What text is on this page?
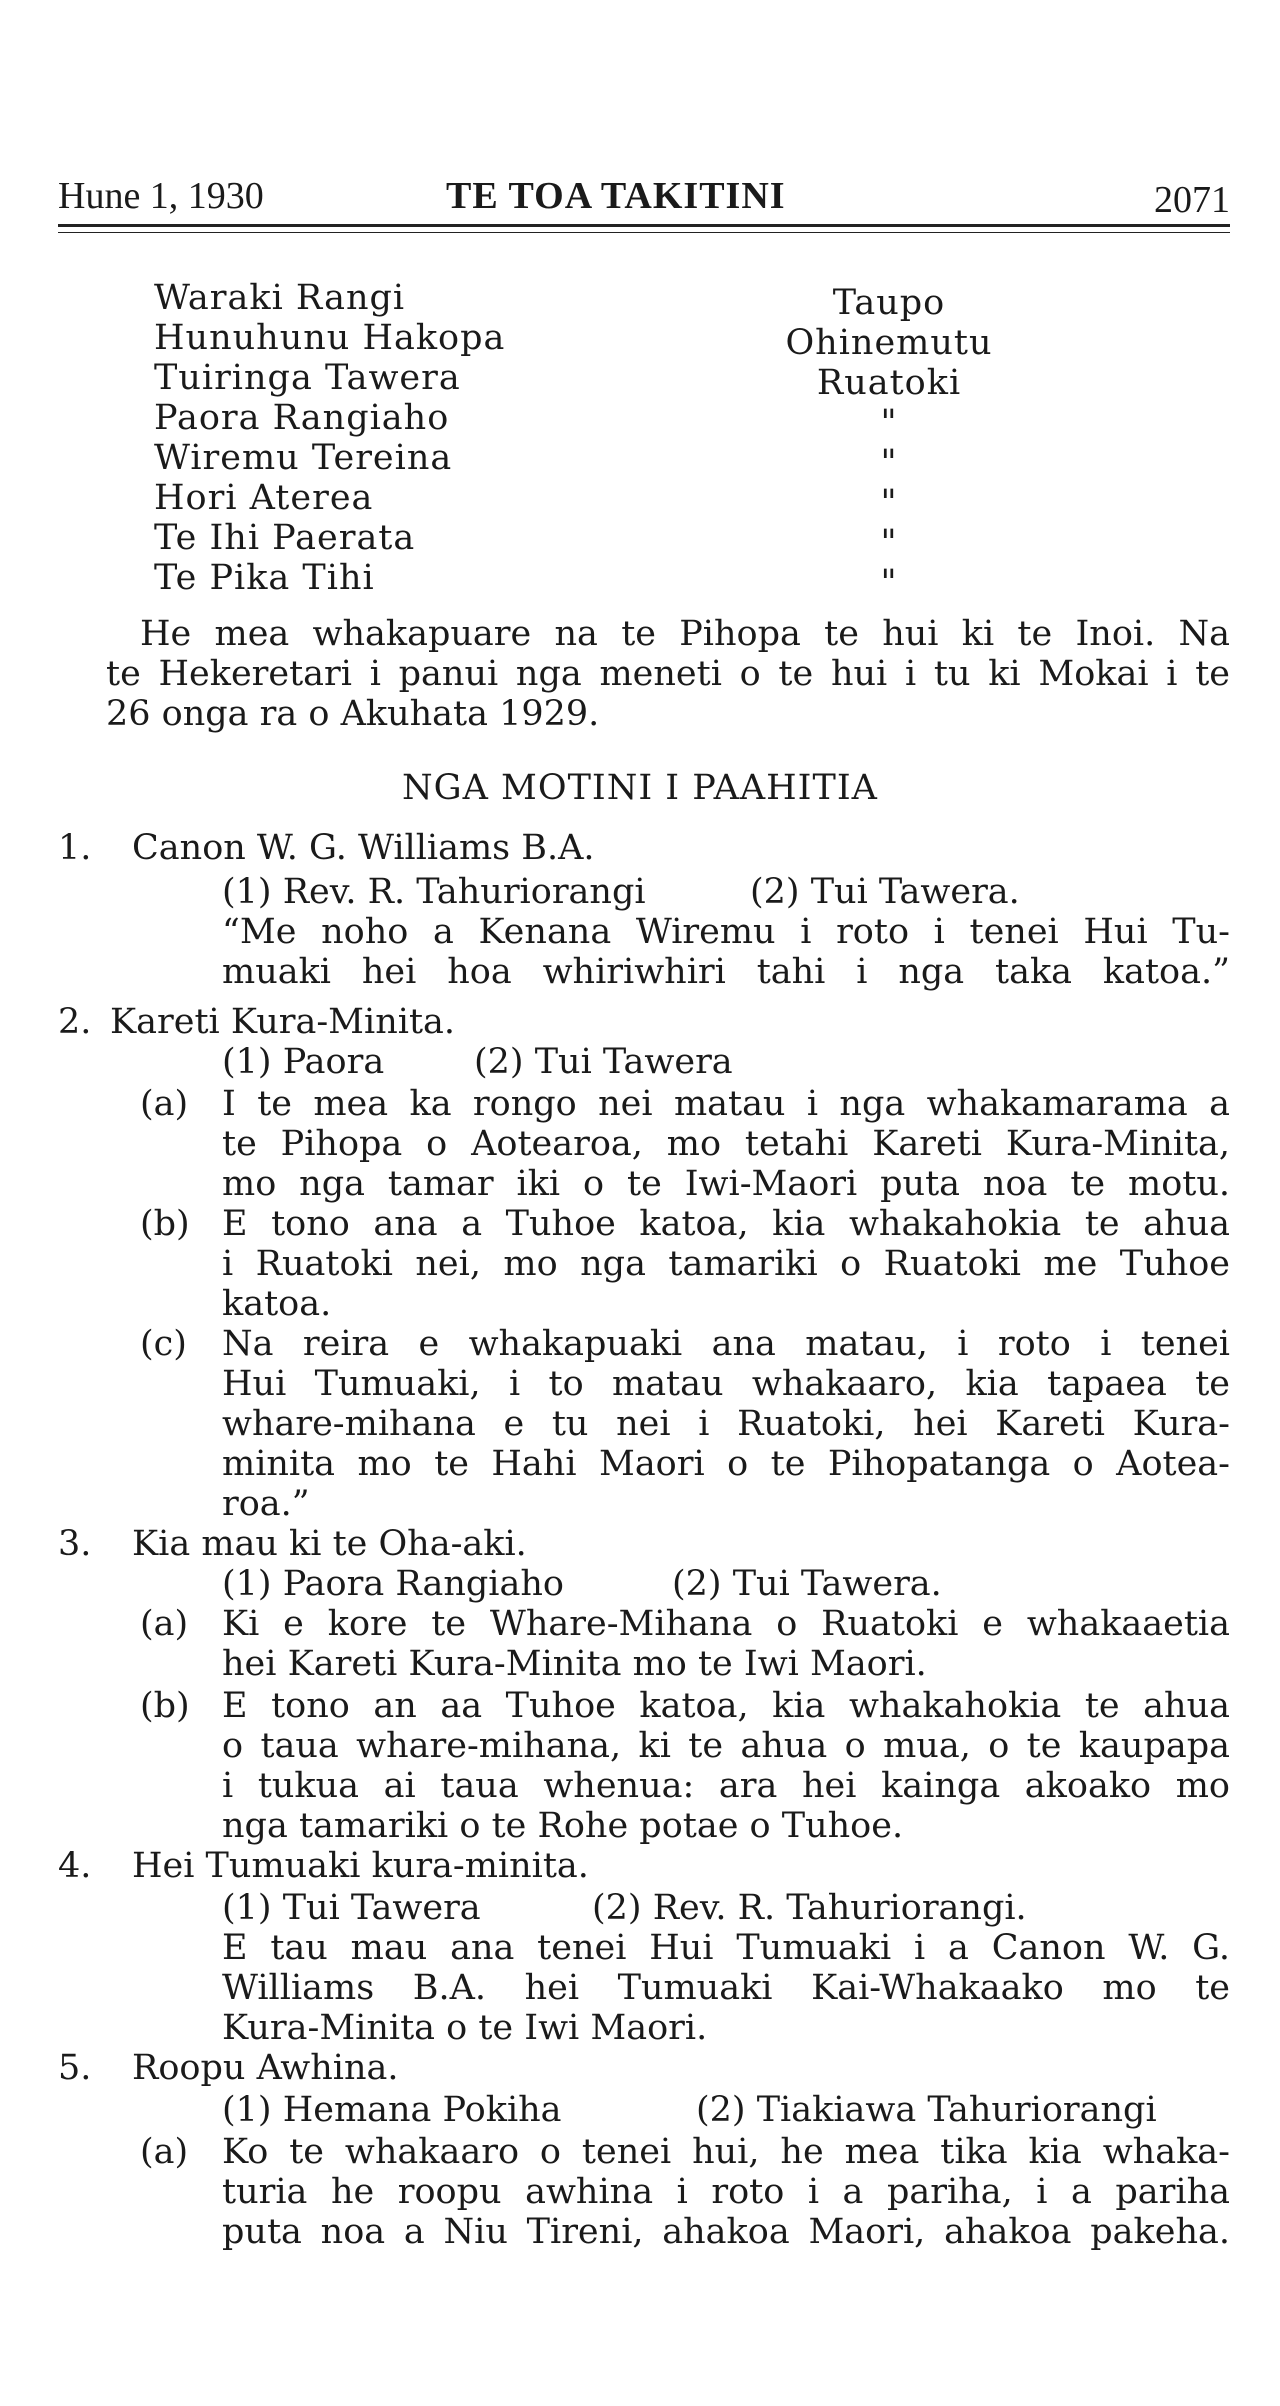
Hune 1, 1930	TE TOA TAKITINI	2071
Waraki Rangi	Taupo
Hunuhunu Hakopa	Ohinemutu
Tuiringa Tawera	Ruatoki
Paora Rangiaho	"
Wiremu Tereina	"
Hori Aterea	"
Te Ihi Paerata	"
Te Pika Tihi	"
He mea whakapuare na te Pihopa te hui ki te Inoi. Na
te Hekeretari i panui nga meneti o te hui i tu ki Mokai i te
26 onga ra o Akuhata 1929.
NGA MOTINI I PAAHITIA
1. Canon W. G. Williams B.A.
(1) Rev. R. Tahuriorangi	(2) Tui Tawera.
“Me noho a Kenana Wiremu i roto i tenei Hui Tu-
muaki hei hoa whiriwhiri tahi i nga taka katoa.”
2. Kareti Kura-Minita.
(1) Paora	(2) Tui Tawera
(a) I te mea ka rongo nei matau i nga whakamarama a
te Pihopa o Aotearoa, mo tetahi Kareti Kura-Minita,
mo nga tamar iki o te Iwi-Maori puta noa te motu.
(b) E tono ana a Tuhoe katoa, kia whakahokia te ahua
i Ruatoki nei, mo nga tamariki o Ruatoki me Tuhoe
katoa.
(c) Na reira e whakapuaki ana matau, i roto i tenei
Hui Tumuaki, i to matau whakaaro, kia tapaea te
whare-mihana e tu nei i Ruatoki, hei Kareti Kura-
minita mo te Hahi Maori o te Pihopatanga o Aotea-
roa.”
3. Kia mau ki te Oha-aki.
(1) Paora Rangiaho	(2) Tui Tawera.
(a) Ki e kore te Whare-Mihana o Ruatoki e whakaaetia
hei Kareti Kura-Minita mo te Iwi Maori.
(b) E tono an aa Tuhoe katoa, kia whakahokia te ahua
o taua whare-mihana, ki te ahua o mua, o te kaupapa
i tukua ai taua whenua: ara hei kainga akoako mo
nga tamariki o te Rohe potae o Tuhoe.
4. Hei Tumuaki kura-minita.
(1) Tui Tawera	(2) Rev. R. Tahuriorangi.
E tau mau ana tenei Hui Tumuaki i a Canon W. G.
Williams B.A. hei Tumuaki Kai-Whakaako mo te
Kura-Minita o te Iwi Maori.
5. Roopu Awhina.
(1) Hemana Pokiha	(2) Tiakiawa Tahuriorangi
(a) Ko te whakaaro o tenei hui, he mea tika kia whaka-
turia he roopu awhina i roto i a pariha, i a pariha
puta noa a Niu Tireni, ahakoa Maori, ahakoa pakeha.
